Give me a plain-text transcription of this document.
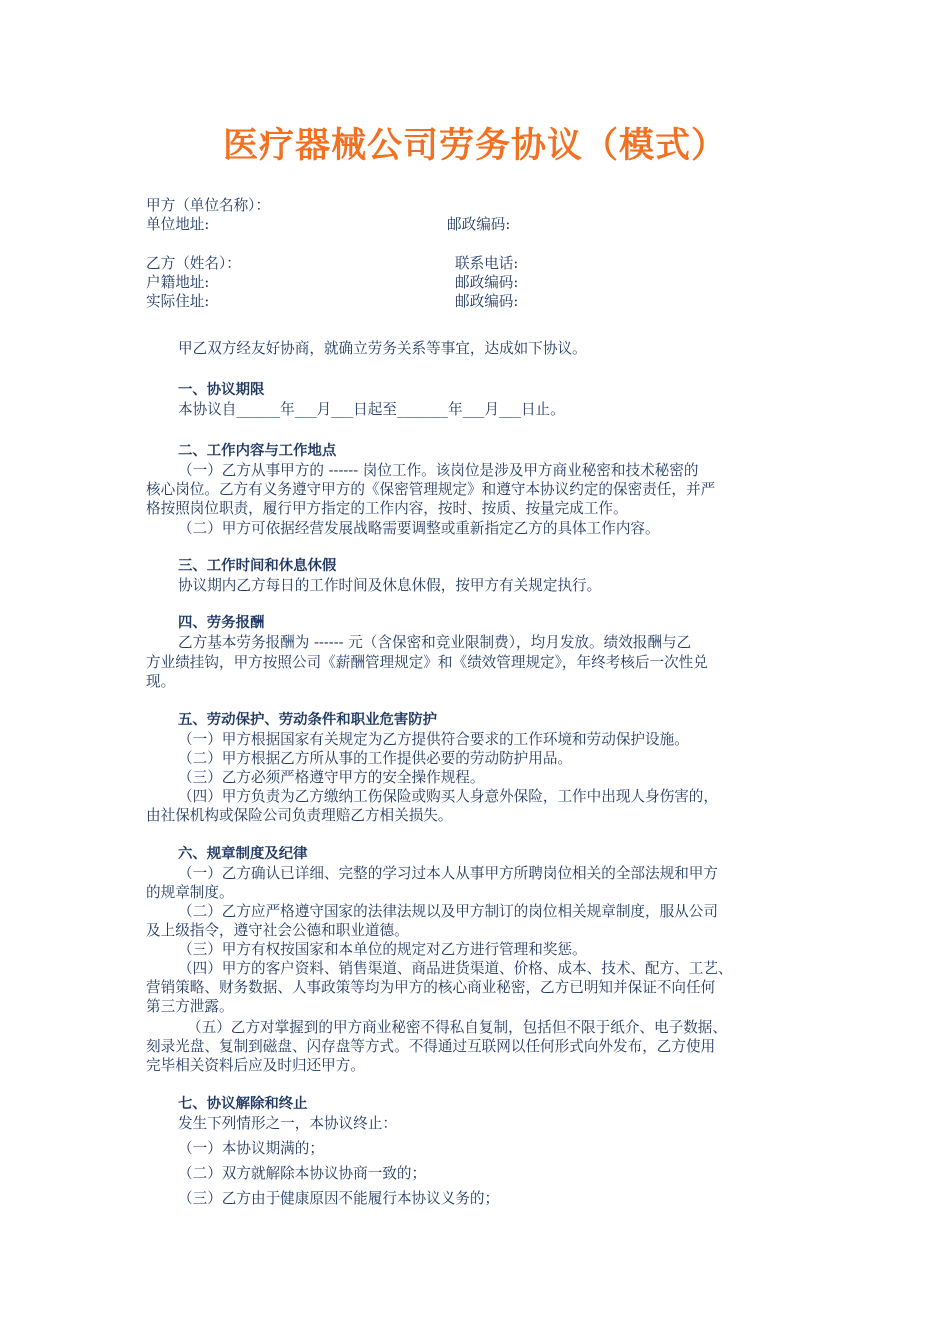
医疗器械公司劳务协议（模式）
甲方（单位名称）：
单位地址:	邮政编码:
乙方（姓名）：	联系电话:
户籍地址:	邮政编码:
实际住址:	邮政编码:
甲乙双方经友好协商，就确立劳务关系等事宜，达成如下协议。
一、协议期限
本协议自______年___月___日起至_______年___月___日止。
二、工作内容与工作地点
（一）乙方从事甲方的 ------ 岗位工作。该岗位是涉及甲方商业秘密和技术秘密的
核心岗位。乙方有义务遵守甲方的《保密管理规定》和遵守本协议约定的保密责任，并严
格按照岗位职责，履行甲方指定的工作内容，按时、按质、按量完成工作。
（二）甲方可依据经营发展战略需要调整或重新指定乙方的具体工作内容。
三、工作时间和休息休假
协议期内乙方每日的工作时间及休息休假，按甲方有关规定执行。
四、劳务报酬
乙方基本劳务报酬为 ------ 元（含保密和竞业限制费），均月发放。绩效报酬与乙
方业绩挂钩，甲方按照公司《薪酬管理规定》和《绩效管理规定》，年终考核后一次性兑
现。
五、劳动保护、劳动条件和职业危害防护
（一）甲方根据国家有关规定为乙方提供符合要求的工作环境和劳动保护设施。
（二）甲方根据乙方所从事的工作提供必要的劳动防护用品。
（三）乙方必须严格遵守甲方的安全操作规程。
（四）甲方负责为乙方缴纳工伤保险或购买人身意外保险，工作中出现人身伤害的，
由社保机构或保险公司负责理赔乙方相关损失。
六、规章制度及纪律
（一）乙方确认已详细、完整的学习过本人从事甲方所聘岗位相关的全部法规和甲方
的规章制度。
（二）乙方应严格遵守国家的法律法规以及甲方制订的岗位相关规章制度，服从公司
及上级指令，遵守社会公德和职业道德。
（三）甲方有权按国家和本单位的规定对乙方进行管理和奖惩。
（四）甲方的客户资料、销售渠道、商品进货渠道、价格、成本、技术、配方、工艺、
营销策略、财务数据、人事政策等均为甲方的核心商业秘密，乙方已明知并保证不向任何
第三方泄露。
（五）乙方对掌握到的甲方商业秘密不得私自复制，包括但不限于纸介、电子数据、
刻录光盘、复制到磁盘、闪存盘等方式。不得通过互联网以任何形式向外发布，乙方使用
完毕相关资料后应及时归还甲方。
七、协议解除和终止
发生下列情形之一，本协议终止：
（一）本协议期满的；
（二）双方就解除本协议协商一致的；
（三）乙方由于健康原因不能履行本协议义务的；
